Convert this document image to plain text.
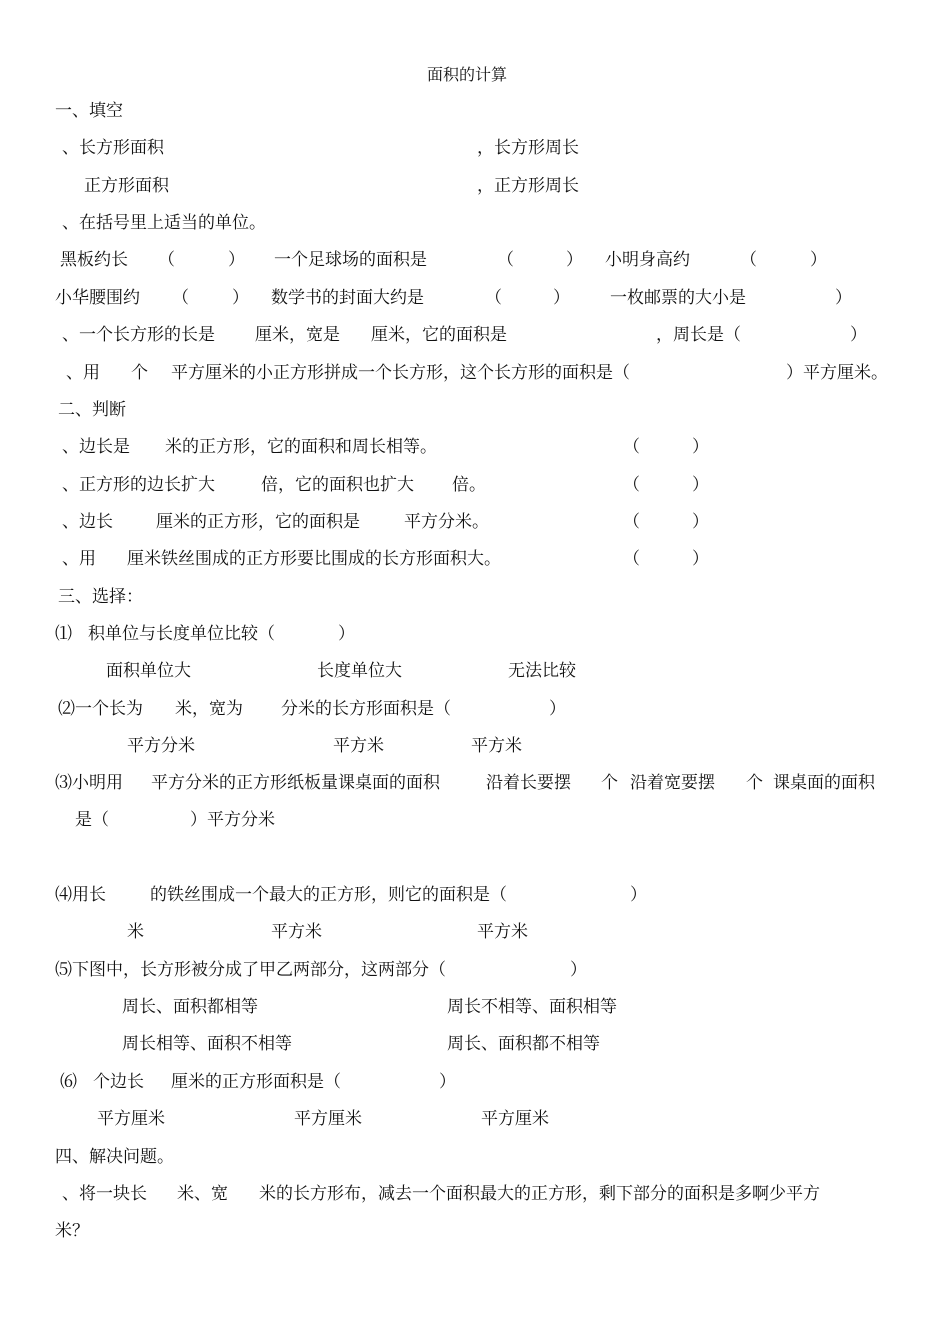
面积的计算
一、填空
、长方形面积	，长方形周长
正方形面积	，正方形周长
、在括号里上适当的单位。
黑板约长 （	） 一个足球场的面积是	（	） 小明身高约	（	）
小华腰围约 （	） 数学书的封面大约是	（	） 一枚邮票的大小是	）
、一个长方形的长是 厘米，宽是 厘米，它的面积是	，周长是（	）
、用 个 平方厘米的小正方形拼成一个长方形，这个长方形的面积是（	）平方厘米。
二、判断
、边长是 米的正方形，它的面积和周长相等。	（	）
、正方形的边长扩大	倍，它的面积也扩大 倍。	（	）
、边长	厘米的正方形，它的面积是	平方分米。	（	）
、用 厘米铁丝围成的正方形要比围成的长方形面积大。	（	）
三、选择：
⑴ 积单位与长度单位比较（	）
面积单位大	长度单位大	无法比较
⑵一个长为 米，宽为 分米的长方形面积是（	）
平方分米	平方米	平方米
⑶小明用 平方分米的正方形纸板量课桌面的面积	沿着长要摆 个 沿着宽要摆 个 课桌面的面积
是（	）平方分米
⑷用长	的铁丝围成一个最大的正方形，则它的面积是（	）
米	平方米	平方米
⑸下图中，长方形被分成了甲乙两部分，这两部分（	）
周长、面积都相等	周长不相等、面积相等
周长相等、面积不相等	周长、面积都不相等
⑹ 个边长 厘米的正方形面积是（	）
平方厘米	平方厘米	平方厘米
四、解决问题。
、将一块长 米、宽 米的长方形布，减去一个面积最大的正方形，剩下部分的面积是多啊少平方
米？
